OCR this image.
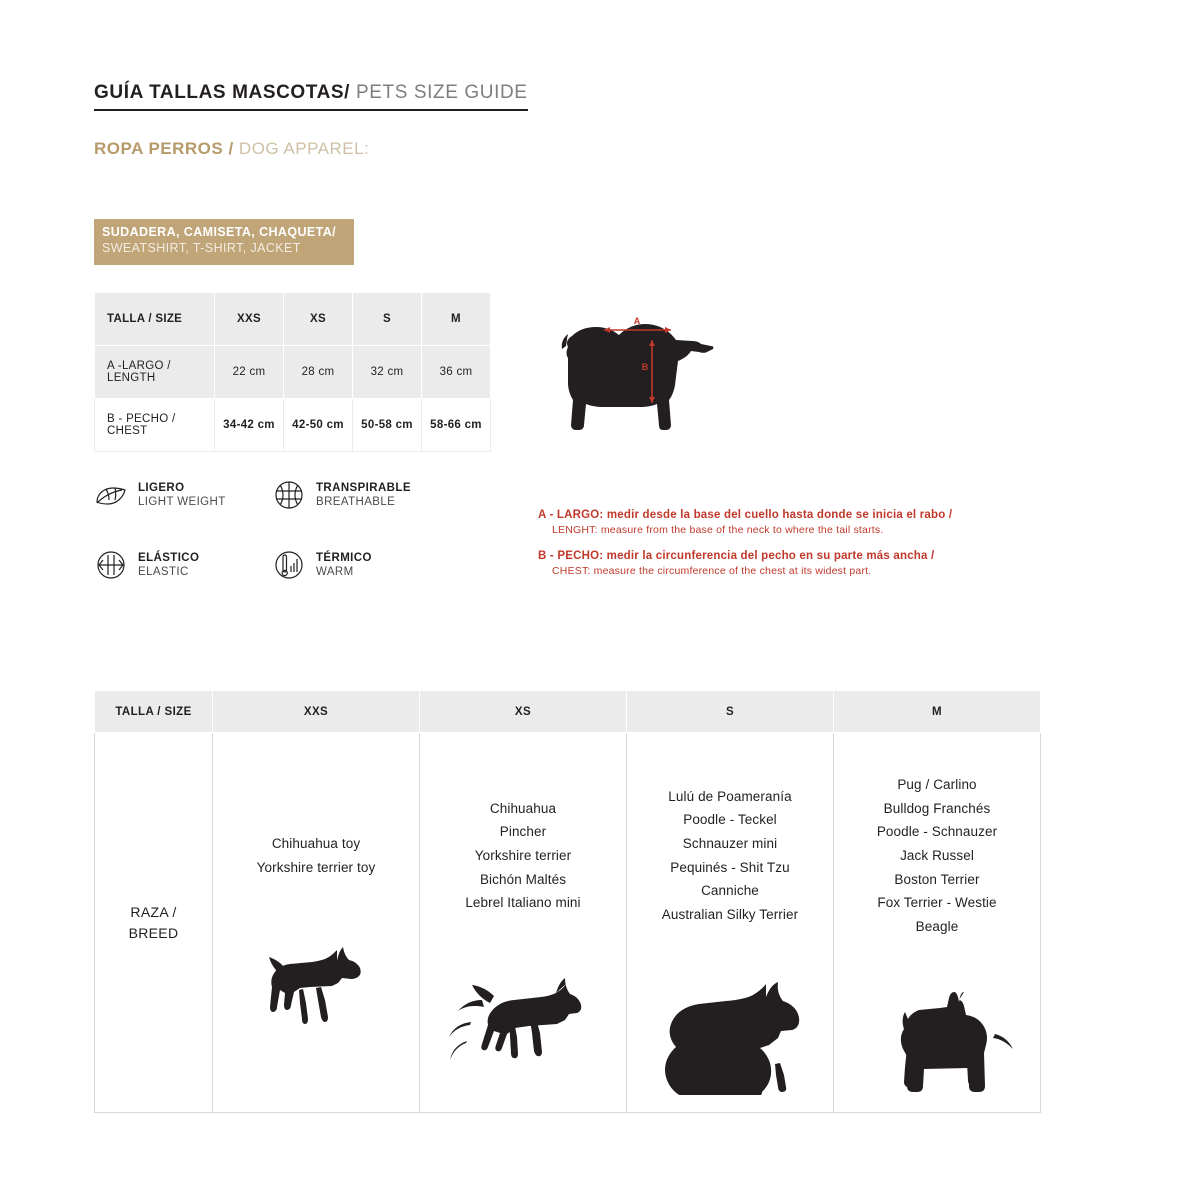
GUÍA TALLAS MASCOTAS/ PETS SIZE GUIDE
ROPA PERROS / DOG APPAREL:
SUDADERA, CAMISETA, CHAQUETA/
SWEATSHIRT, T-SHIRT, JACKET
TALLA / SIZE	XXS	XS	S	M
A -LARGO / LENGTH	22 cm	28 cm	32 cm	36 cm
B - PECHO / CHEST	34-42 cm	42-50 cm	50-58 cm	58-66 cm
LIGERO
LIGHT WEIGHT
TRANSPIRABLE
BREATHABLE
ELÁSTICO
ELASTIC
TÉRMICO
WARM
A
B
A - LARGO: medir desde la base del cuello hasta donde se inicia el rabo /
LENGHT: measure from the base of the neck to where the tail starts.
B - PECHO: medir la circunferencia del pecho en su parte más ancha /
CHEST: measure the circumference of the chest at its widest part.
TALLA / SIZE	XXS	XS	S	M

RAZA /
BREED

Chihuahua toy
Yorkshire terrier toy

Chihuahua
Pincher
Yorkshire terrier
Bichón Maltés
Lebrel Italiano mini

Lulú de Poameranía
Poodle - Teckel
Schnauzer mini
Pequinés - Shit Tzu
Canniche
Australian Silky Terrier

Pug / Carlino
Bulldog Franchés
Poodle - Schnauzer
Jack Russel
Boston Terrier
Fox Terrier - Westie
Beagle
